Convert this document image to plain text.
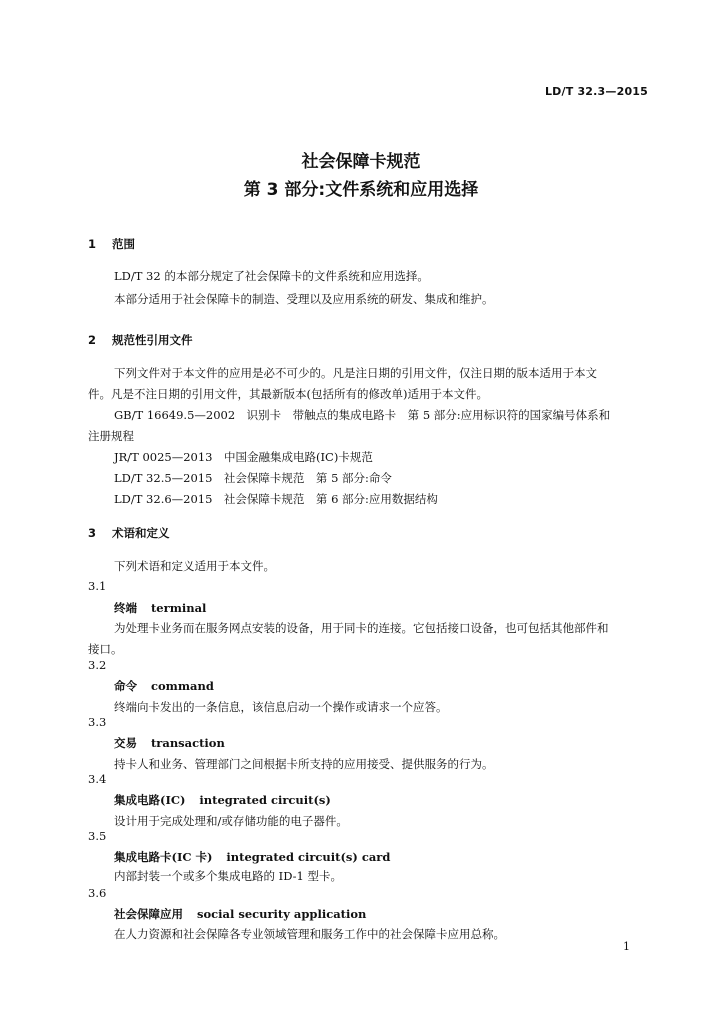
LD/T 32.3—2015
社会保障卡规范
第 3 部分:文件系统和应用选择
1 范围
LD/T 32 的本部分规定了社会保障卡的文件系统和应用选择。
本部分适用于社会保障卡的制造、受理以及应用系统的研发、集成和维护。
2 规范性引用文件
下列文件对于本文件的应用是必不可少的。凡是注日期的引用文件，仅注日期的版本适用于本文
件。凡是不注日期的引用文件，其最新版本(包括所有的修改单)适用于本文件。
GB/T 16649.5—2002　识别卡　带触点的集成电路卡　第 5 部分:应用标识符的国家编号体系和
注册规程
JR/T 0025—2013　中国金融集成电路(IC)卡规范
LD/T 32.5—2015　社会保障卡规范　第 5 部分:命令
LD/T 32.6—2015　社会保障卡规范　第 6 部分:应用数据结构
3 术语和定义
下列术语和定义适用于本文件。
3.1
终端 terminal
为处理卡业务而在服务网点安装的设备，用于同卡的连接。它包括接口设备，也可包括其他部件和
接口。
3.2
命令 command
终端向卡发出的一条信息，该信息启动一个操作或请求一个应答。
3.3
交易 transaction
持卡人和业务、管理部门之间根据卡所支持的应用接受、提供服务的行为。
3.4
集成电路(IC) integrated circuit(s)
设计用于完成处理和/或存储功能的电子器件。
3.5
集成电路卡(IC 卡) integrated circuit(s) card
内部封装一个或多个集成电路的 ID-1 型卡。
3.6
社会保障应用 social security application
在人力资源和社会保障各专业领域管理和服务工作中的社会保障卡应用总称。
1
